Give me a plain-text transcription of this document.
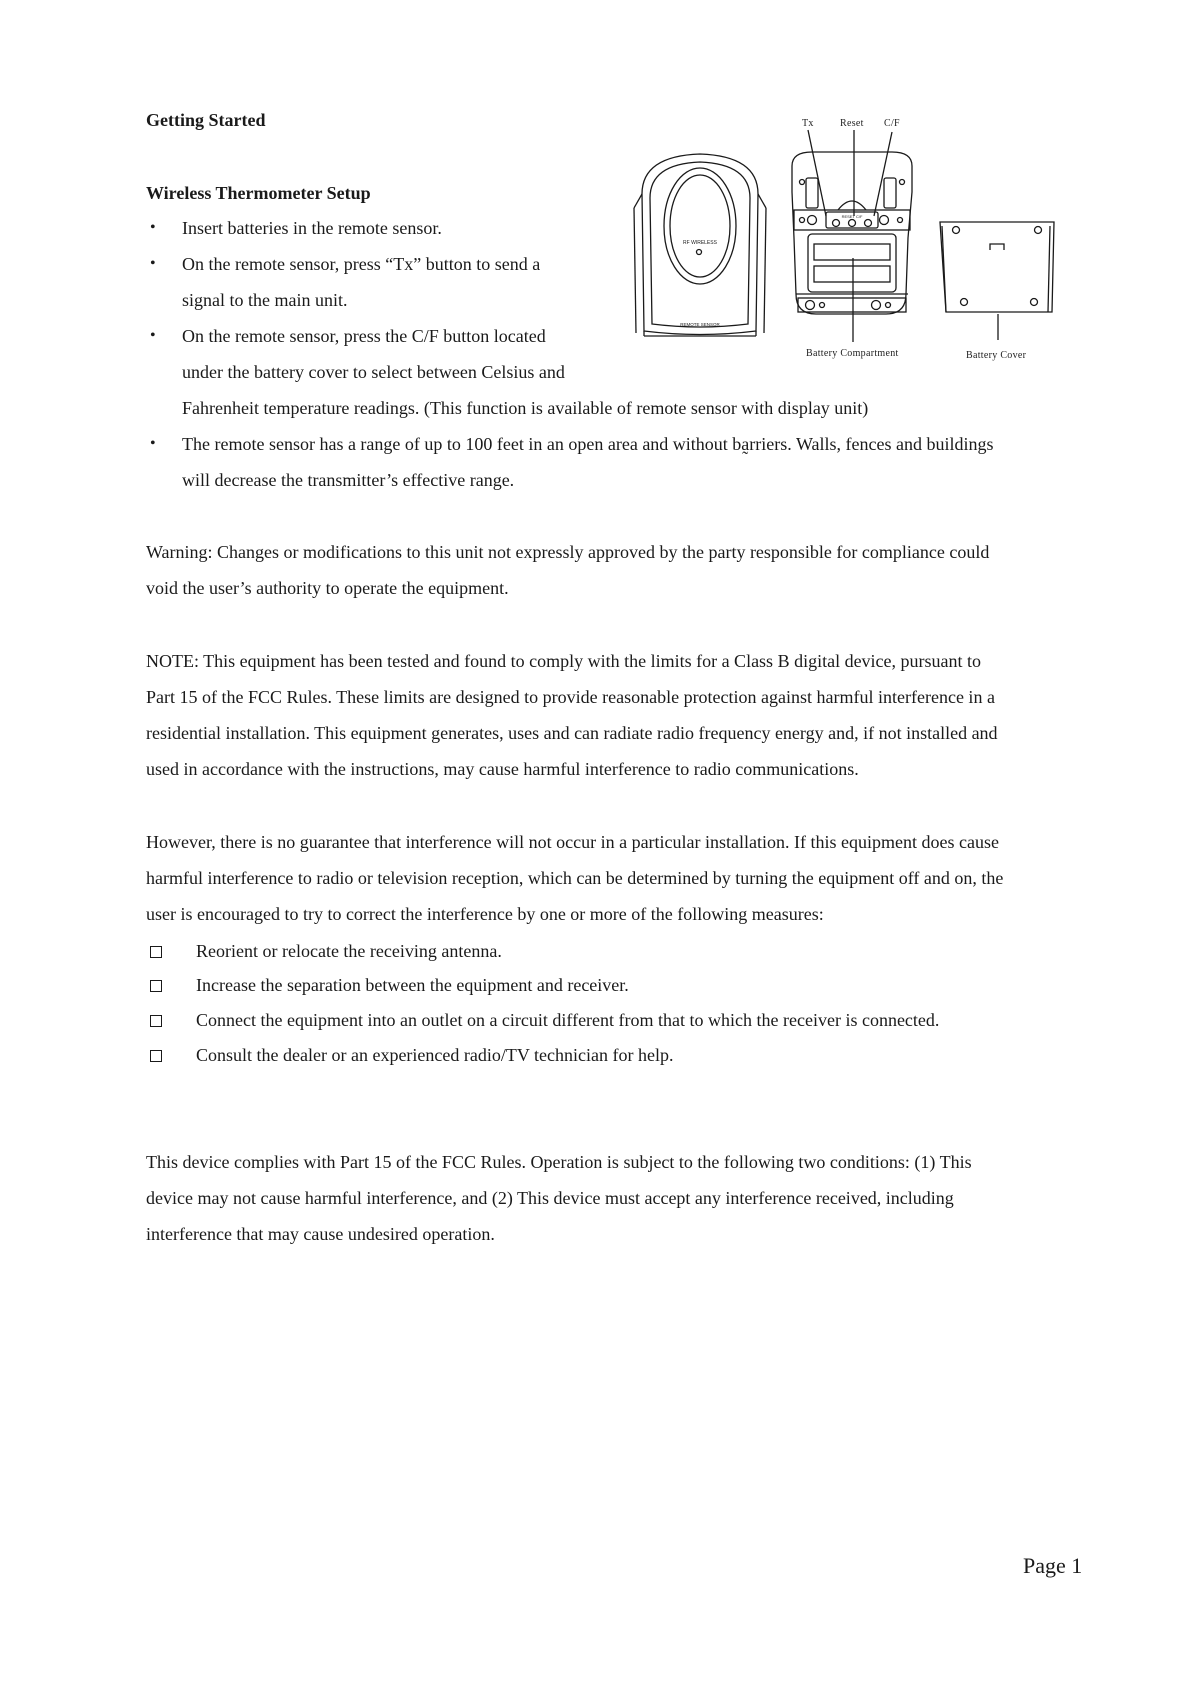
Getting Started
Wireless Thermometer Setup
• Insert batteries in the remote sensor.
• On the remote sensor, press “Tx” button to send a
signal to the main unit.
• On the remote sensor, press the C/F button located
under the battery cover to select between Celsius and
Fahrenheit temperature readings. (This function is available of remote sensor with display unit)
• The remote sensor has a range of up to 100 feet in an open area and without ba̰rriers. Walls, fences and buildings
will decrease the transmitter’s effective range.
RF WIRELESS
REMOTE SENSOR
RESET C/F
Tx	Reset C/F
Battery Compartment	Battery Cover
Warning: Changes or modifications to this unit not expressly approved by the party responsible for compliance could
void the user’s authority to operate the equipment.
NOTE: This equipment has been tested and found to comply with the limits for a Class B digital device, pursuant to
Part 15 of the FCC Rules. These limits are designed to provide reasonable protection against harmful interference in a
residential installation. This equipment generates, uses and can radiate radio frequency energy and, if not installed and
used in accordance with the instructions, may cause harmful interference to radio communications.
However, there is no guarantee that interference will not occur in a particular installation. If this equipment does cause
harmful interference to radio or television reception, which can be determined by turning the equipment off and on, the
user is encouraged to try to correct the interference by one or more of the following measures:
Reorient or relocate the receiving antenna.
Increase the separation between the equipment and receiver.
Connect the equipment into an outlet on a circuit different from that to which the receiver is connected.
Consult the dealer or an experienced radio/TV technician for help.
This device complies with Part 15 of the FCC Rules. Operation is subject to the following two conditions: (1) This
device may not cause harmful interference, and (2) This device must accept any interference received, including
interference that may cause undesired operation.
Page 1
